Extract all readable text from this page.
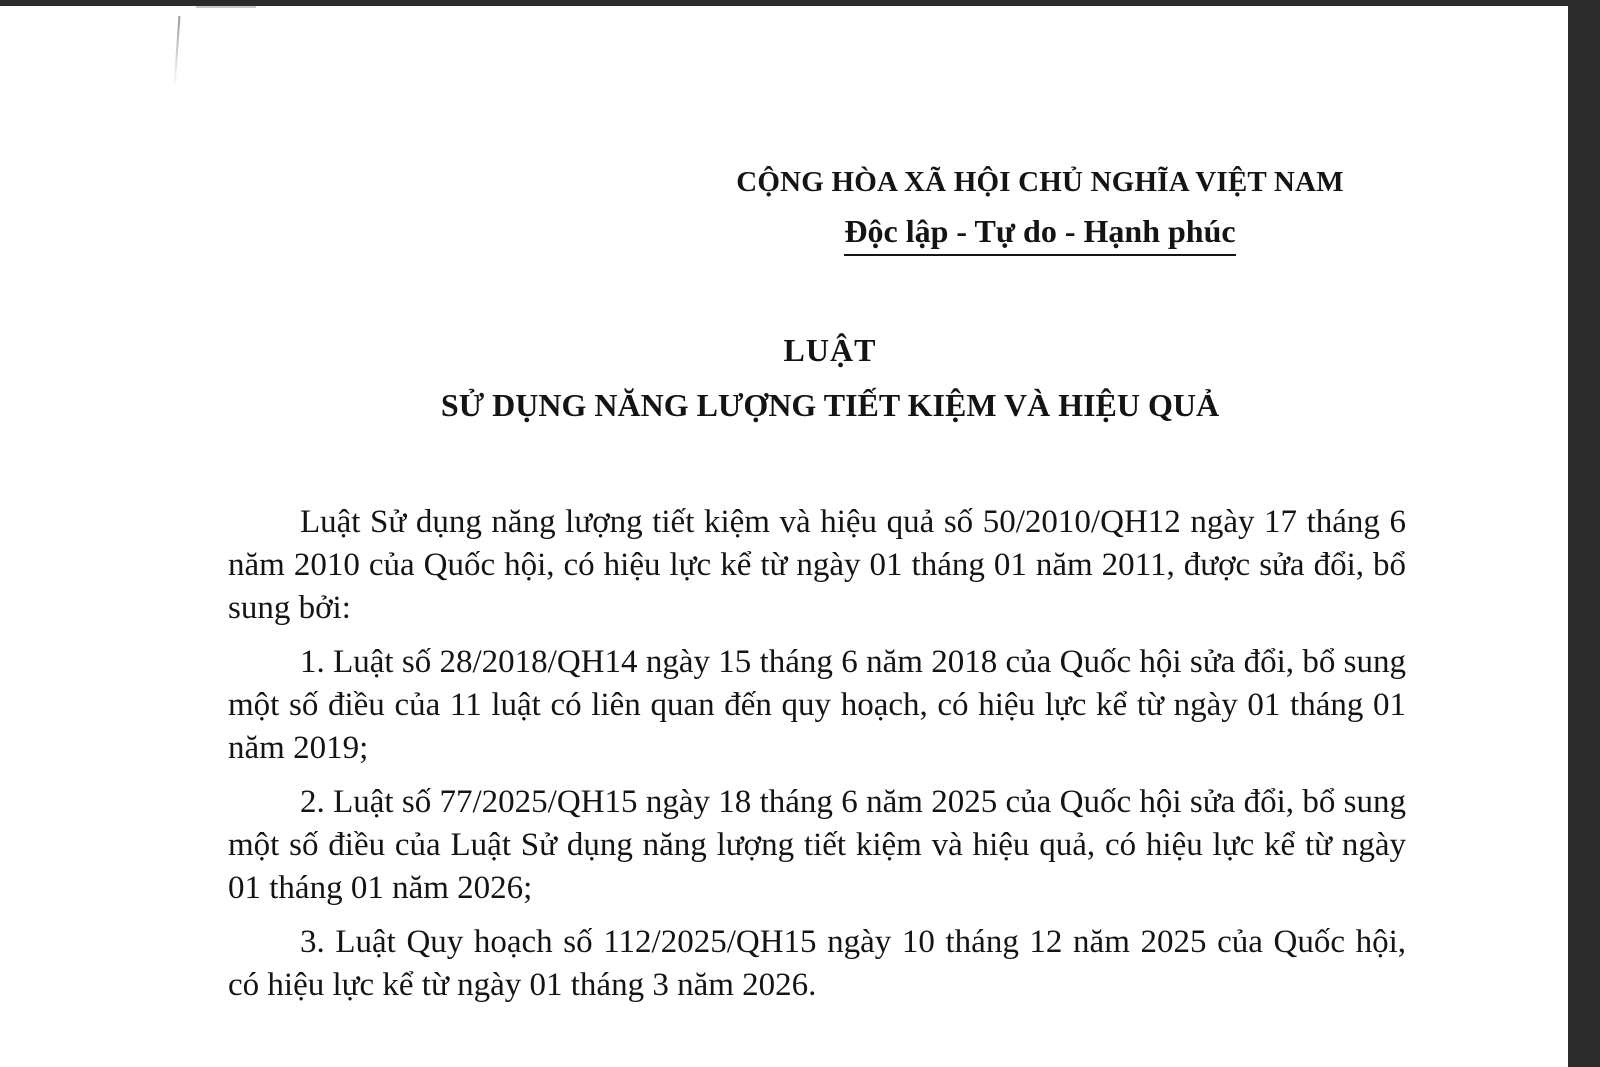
CỘNG HÒA XÃ HỘI CHỦ NGHĨA VIỆT NAM

Độc lập - Tự do - Hạnh phúc

LUẬT

SỬ DỤNG NĂNG LƯỢNG TIẾT KIỆM VÀ HIỆU QUẢ

Luật Sử dụng năng lượng tiết kiệm và hiệu quả số 50/2010/QH12 ngày 17 tháng 6 năm 2010 của Quốc hội, có hiệu lực kể từ ngày 01 tháng 01 năm 2011, được sửa đổi, bổ sung bởi:

1. Luật số 28/2018/QH14 ngày 15 tháng 6 năm 2018 của Quốc hội sửa đổi, bổ sung một số điều của 11 luật có liên quan đến quy hoạch, có hiệu lực kể từ ngày 01 tháng 01 năm 2019;

2. Luật số 77/2025/QH15 ngày 18 tháng 6 năm 2025 của Quốc hội sửa đổi, bổ sung một số điều của Luật Sử dụng năng lượng tiết kiệm và hiệu quả, có hiệu lực kể từ ngày 01 tháng 01 năm 2026;

3. Luật Quy hoạch số 112/2025/QH15 ngày 10 tháng 12 năm 2025 của Quốc hội, có hiệu lực kể từ ngày 01 tháng 3 năm 2026.
